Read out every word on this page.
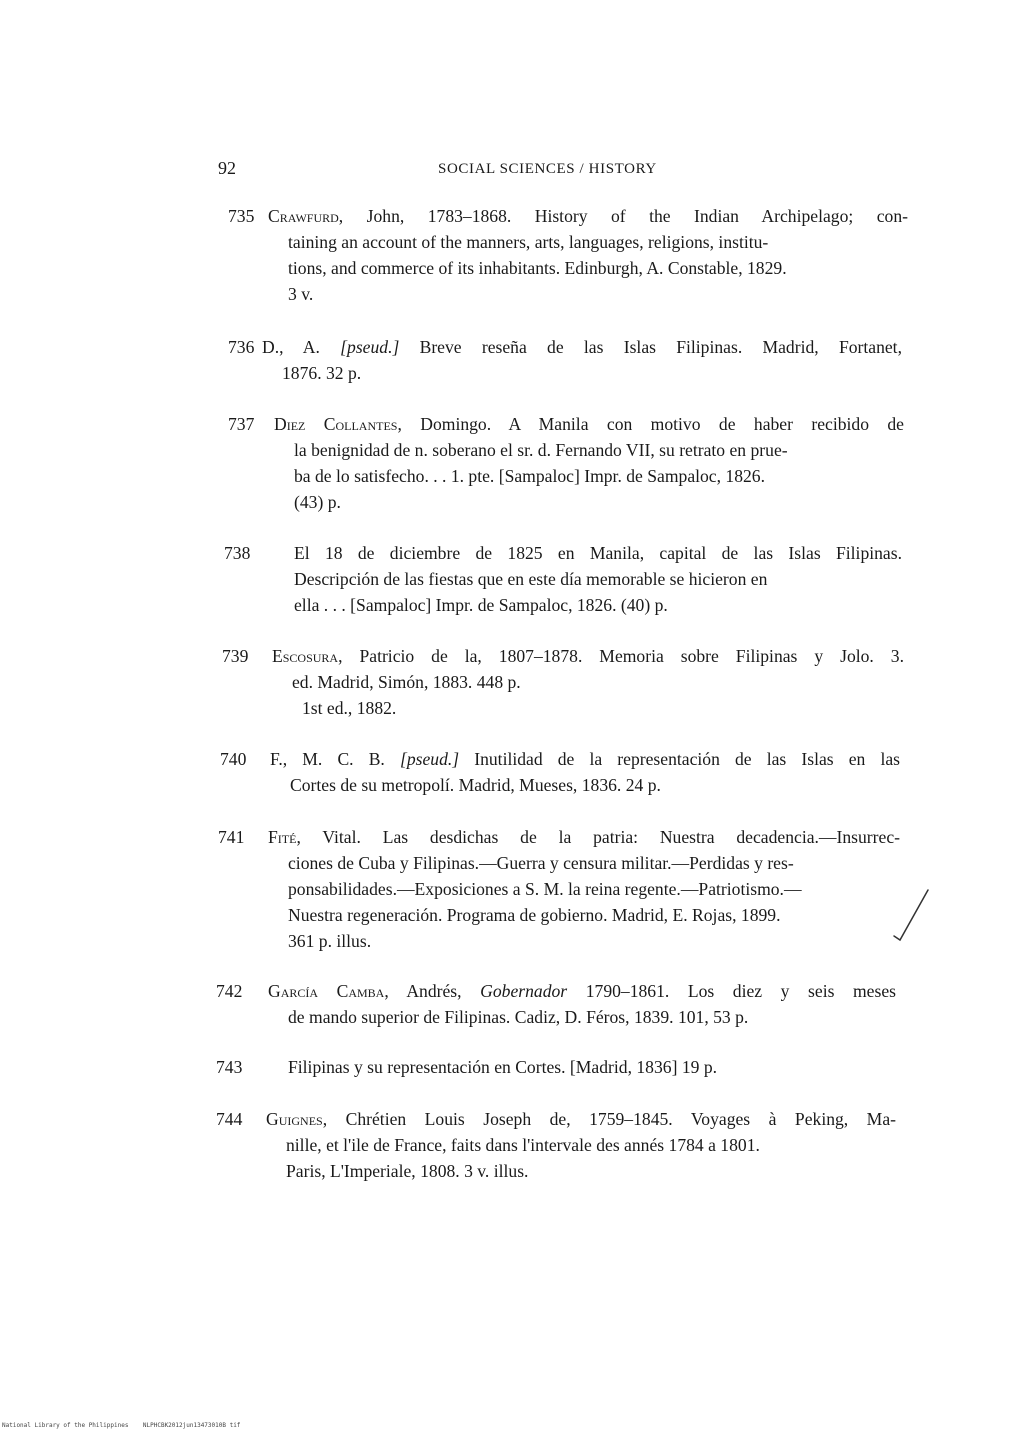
92	SOCIAL SCIENCES / HISTORY
735 Crawfurd, John, 1783–1868. History of the Indian Archipelago; con-
taining an account of the manners, arts, languages, religions, institu-
tions, and commerce of its inhabitants. Edinburgh, A. Constable, 1829.
3 v.
736 D., A. [pseud.] Breve reseña de las Islas Filipinas. Madrid, Fortanet,
1876. 32 p.
737 Diez Collantes, Domingo. A Manila con motivo de haber recibido de
la benignidad de n. soberano el sr. d. Fernando VII, su retrato en prue-
ba de lo satisfecho. . . 1. pte. [Sampaloc] Impr. de Sampaloc, 1826.
(43) p.
738 El 18 de diciembre de 1825 en Manila, capital de las Islas Filipinas.
Descripción de las fiestas que en este día memorable se hicieron en
ella . . . [Sampaloc] Impr. de Sampaloc, 1826. (40) p.
739 Escosura, Patricio de la, 1807–1878. Memoria sobre Filipinas y Jolo. 3.
ed. Madrid, Simón, 1883. 448 p.
1st ed., 1882.
740 F., M. C. B. [pseud.] Inutilidad de la representación de las Islas en las
Cortes de su metropolí. Madrid, Mueses, 1836. 24 p.
741 Fité, Vital. Las desdichas de la patria: Nuestra decadencia.—Insurrec-
ciones de Cuba y Filipinas.—Guerra y censura militar.—Perdidas y res-
ponsabilidades.—Exposiciones a S. M. la reina regente.—Patriotismo.—
Nuestra regeneración. Programa de gobierno. Madrid, E. Rojas, 1899.
361 p. illus.
742 García Camba, Andrés, Gobernador 1790–1861. Los diez y seis meses
de mando superior de Filipinas. Cadiz, D. Féros, 1839. 101, 53 p.
743	Filipinas y su representación en Cortes. [Madrid, 1836] 19 p.
744 Guignes, Chrétien Louis Joseph de, 1759–1845. Voyages à Peking, Ma-
nille, et l'ile de France, faits dans l'intervale des annés 1784 a 1801.
Paris, L'Imperiale, 1808. 3 v. illus.
National Library of the Philippines NLPHCBK2012jun13473010B tif
